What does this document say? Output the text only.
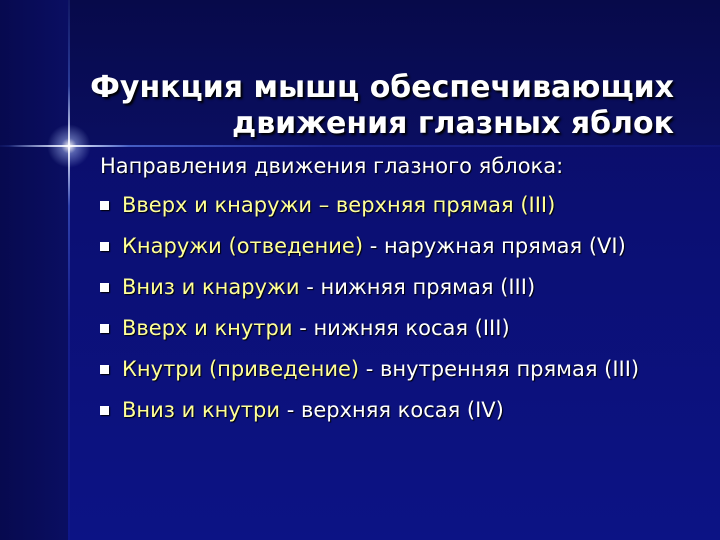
Функция мышц обеспечивающих
движения глазных яблок

Направления движения глазного яблока:

Вверх и кнаружи – верхняя прямая (III)
Кнаружи (отведение) - наружная прямая (VI)
Вниз и кнаружи - нижняя прямая (III)
Вверх и кнутри - нижняя косая (III)
Кнутри (приведение) - внутренняя прямая (III)
Вниз и кнутри - верхняя косая (IV)
